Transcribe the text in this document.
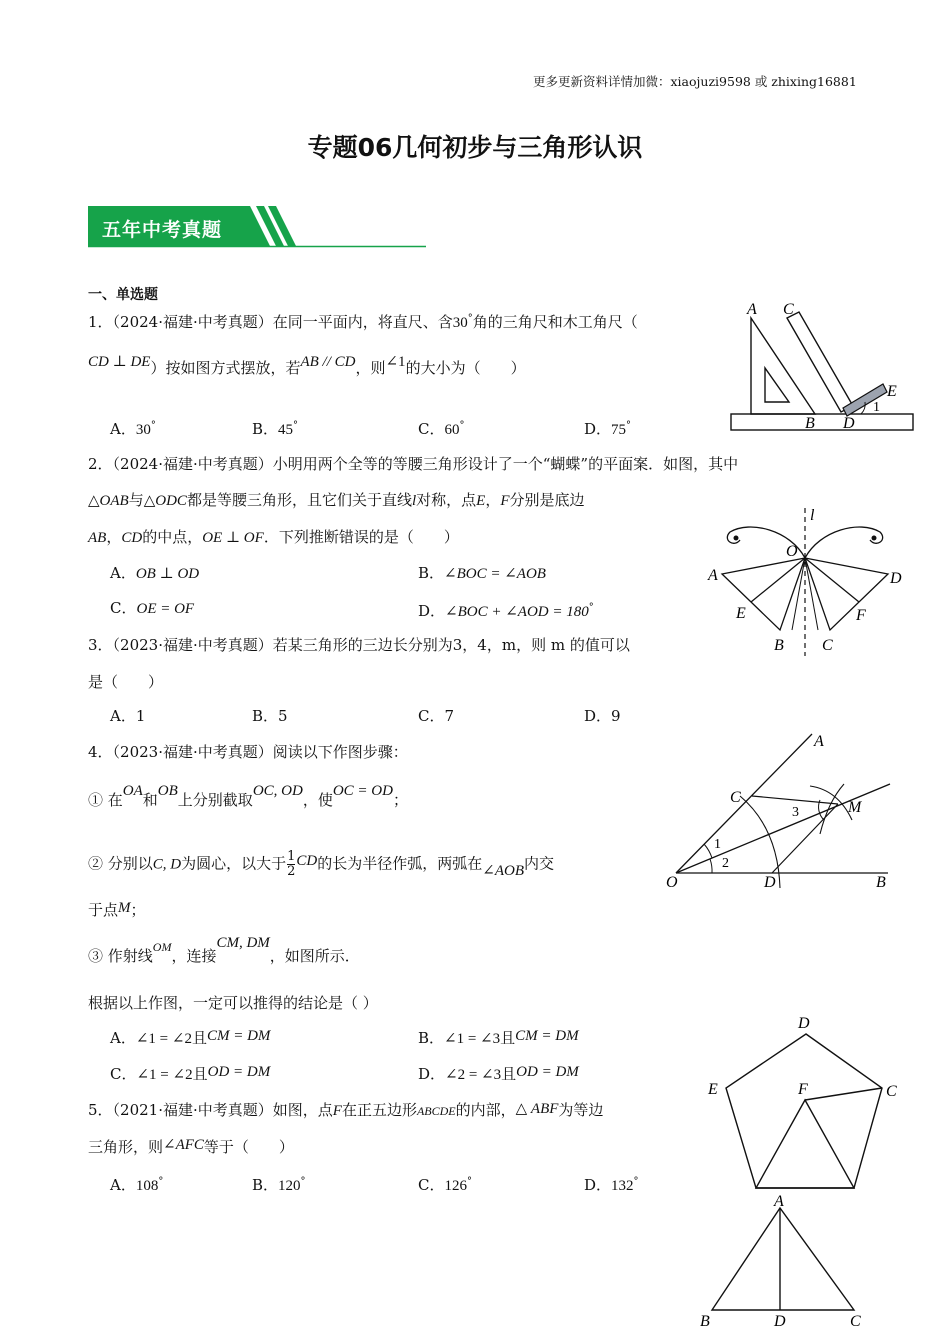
更多更新资料详情加微：xiaojuzi9598 或 zhixing16881
专题06几何初步与三角形认识
五年中考真题
一、单选题
1．（2024·福建·中考真题）在同一平面内，将直尺、含30°角的三角尺和木工角尺（
CD ⊥ DE）按如图方式摆放，若AB // CD，则∠1的大小为（　　）
A．30°	B．45°	C．60°	D．75°
A C
E
B D
1
2．（2024·福建·中考真题）小明用两个全等的等腰三角形设计了一个“蝴蝶”的平面案．如图，其中
△OAB与△ODC都是等腰三角形，且它们关于直线l对称，点E，F分别是底边
AB，CD的中点，OE ⊥ OF．下列推断错误的是（　　）
A．OB ⊥ OD	B．∠BOC = ∠AOB
C．OE = OF	D．∠BOC + ∠AOD = 180°
l
O
A	D
E	F
B C
3．（2023·福建·中考真题）若某三角形的三边长分别为3，4，m，则 m 的值可以
是（　　）
A．1	B．5	C．7	D．9
4．（2023·福建·中考真题）阅读以下作图步骤：
① 在OA和OB上分别截取OC, OD，使OC = OD；
② 分别以C, D为圆心，以大于 $\frac{1}{2}$ CD的长为半径作弧，两弧在∠AOB内交
于点M；
③ 作射线$^{OM}$，连接CM, DM，如图所示．
根据以上作图，一定可以推得的结论是（ ）
A．∠1 = ∠2且CM = DM	B．∠1 = ∠3且CM = DM
C．∠1 = ∠2且OD = DM	D．∠2 = ∠3且OD = DM
A
C
3	M
1
2
O	D	B
5．（2021·福建·中考真题）如图，点F在正五边形ABCDE的内部，△ ABF为等边
三角形，则∠AFC等于（　　）
A．108°	B．120°	C．126°	D．132°
D
E	F	C
A
B	D	C
